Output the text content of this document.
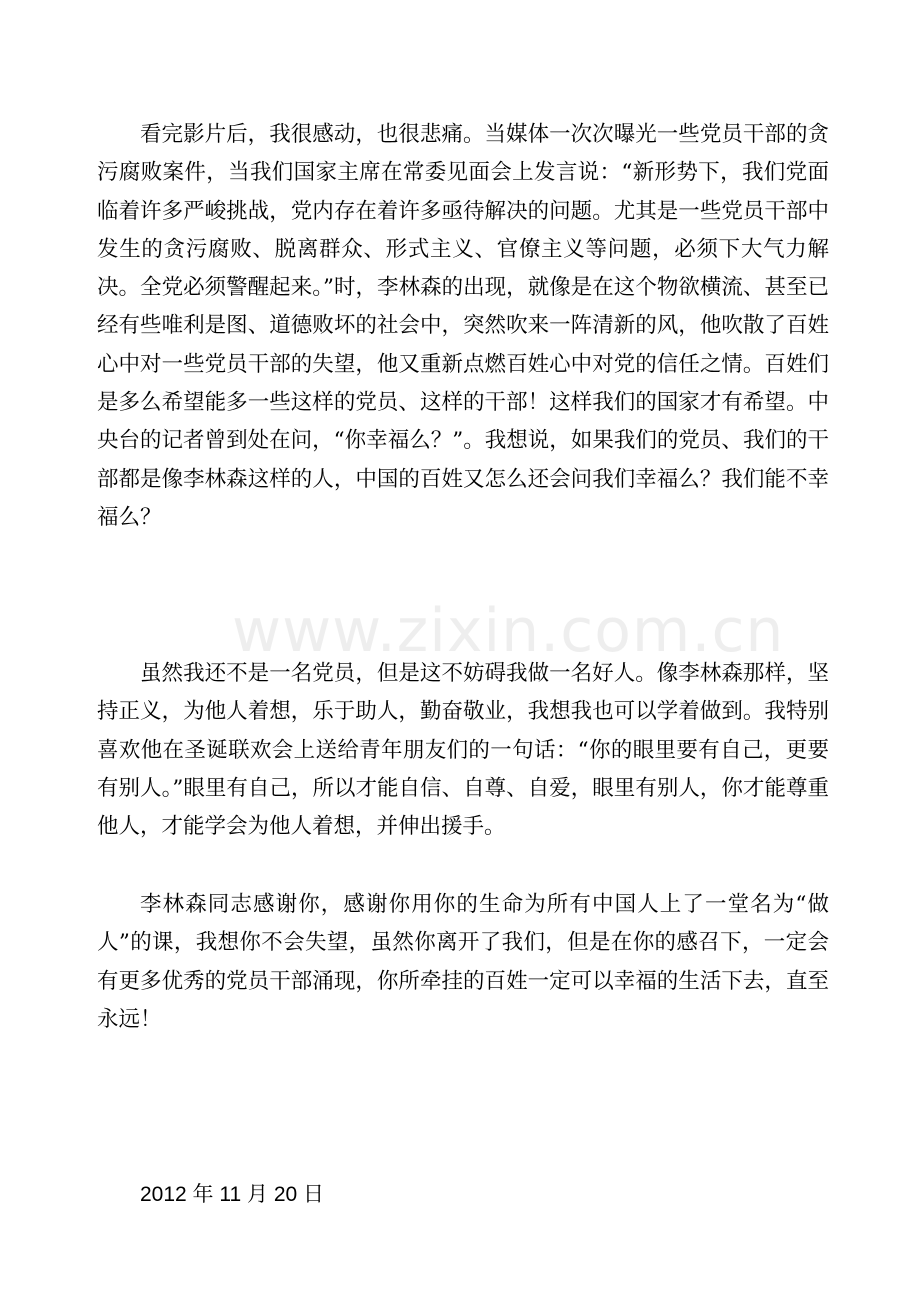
看完影片后，我很感动，也很悲痛。当媒体一次次曝光一些党员干部的贪污腐败案件，当我们国家主席在常委见面会上发言说：“新形势下，我们党面临着许多严峻挑战，党内存在着许多亟待解决的问题。尤其是一些党员干部中发生的贪污腐败、脱离群众、形式主义、官僚主义等问题，必须下大气力解决。全党必须警醒起来。”时，李林森的出现，就像是在这个物欲横流、甚至已经有些唯利是图、道德败坏的社会中，突然吹来一阵清新的风，他吹散了百姓心中对一些党员干部的失望，他又重新点燃百姓心中对党的信任之情。百姓们是多么希望能多一些这样的党员、这样的干部！这样我们的国家才有希望。中央台的记者曾到处在问，“你幸福么？”。我想说，如果我们的党员、我们的干部都是像李林森这样的人，中国的百姓又怎么还会问我们幸福么？我们能不幸福么？

虽然我还不是一名党员，但是这不妨碍我做一名好人。像李林森那样，坚持正义，为他人着想，乐于助人，勤奋敬业，我想我也可以学着做到。我特别喜欢他在圣诞联欢会上送给青年朋友们的一句话：“你的眼里要有自己，更要有别人。”眼里有自己，所以才能自信、自尊、自爱，眼里有别人，你才能尊重他人，才能学会为他人着想，并伸出援手。

李林森同志感谢你，感谢你用你的生命为所有中国人上了一堂名为“做人”的课，我想你不会失望，虽然你离开了我们，但是在你的感召下，一定会有更多优秀的党员干部涌现，你所牵挂的百姓一定可以幸福的生活下去，直至永远！

2012 年 11 月 20 日

www.zixin.com.cn
